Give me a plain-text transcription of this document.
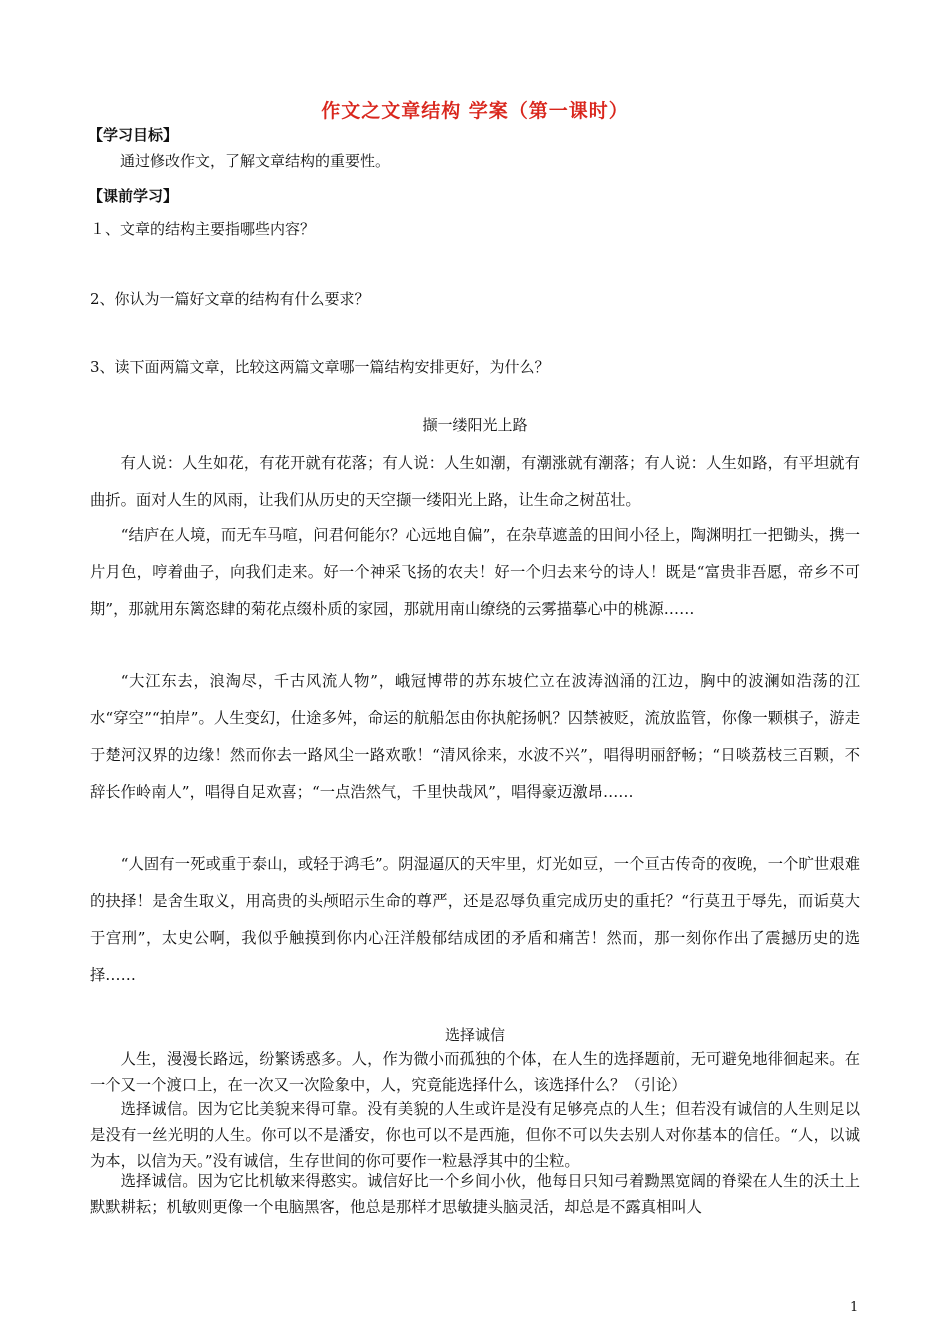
作文之文章结构 学案（第一课时）
【学习目标】
通过修改作文，了解文章结构的重要性。
【课前学习】
１、文章的结构主要指哪些内容？
2、你认为一篇好文章的结构有什么要求？
3、读下面两篇文章，比较这两篇文章哪一篇结构安排更好，为什么？
撷一缕阳光上路
有人说：人生如花，有花开就有花落；有人说：人生如潮，有潮涨就有潮落；有人说：人生如路，有平坦就有曲折。面对人生的风雨，让我们从历史的天空撷一缕阳光上路，让生命之树茁壮。
“结庐在人境，而无车马喧，问君何能尔？心远地自偏”，在杂草遮盖的田间小径上，陶渊明扛一把锄头，携一片月色，哼着曲子，向我们走来。好一个神采飞扬的农夫！好一个归去来兮的诗人！既是“富贵非吾愿，帝乡不可期”，那就用东篱恣肆的菊花点缀朴质的家园，那就用南山缭绕的云雾描摹心中的桃源……
“大江东去，浪淘尽，千古风流人物”，峨冠博带的苏东坡伫立在波涛汹涌的江边，胸中的波澜如浩荡的江水“穿空”“拍岸”。人生变幻，仕途多舛，命运的航船怎由你执舵扬帆？囚禁被贬，流放监管，你像一颗棋子，游走于楚河汉界的边缘！然而你去一路风尘一路欢歌！“清风徐来，水波不兴”，唱得明丽舒畅；“日啖荔枝三百颗，不辞长作岭南人”，唱得自足欢喜；“一点浩然气，千里快哉风”，唱得豪迈激昂……
“人固有一死或重于泰山，或轻于鸿毛”。阴湿逼仄的天牢里，灯光如豆，一个亘古传奇的夜晚，一个旷世艰难的抉择！是舍生取义，用高贵的头颅昭示生命的尊严，还是忍辱负重完成历史的重托？“行莫丑于辱先，而诟莫大于宫刑”，太史公啊，我似乎触摸到你内心汪洋般郁结成团的矛盾和痛苦！然而，那一刻你作出了震撼历史的选择……
选择诚信
人生，漫漫长路远，纷繁诱惑多。人，作为微小而孤独的个体，在人生的选择题前，无可避免地徘徊起来。在一个又一个渡口上，在一次又一次险象中，人，究竟能选择什么，该选择什么？（引论）
选择诚信。因为它比美貌来得可靠。没有美貌的人生或许是没有足够亮点的人生；但若没有诚信的人生则足以是没有一丝光明的人生。你可以不是潘安，你也可以不是西施，但你不可以失去别人对你基本的信任。“人，以诚为本，以信为天。”没有诚信，生存世间的你可要作一粒悬浮其中的尘粒。
选择诚信。因为它比机敏来得憨实。诚信好比一个乡间小伙，他每日只知弓着黝黑宽阔的脊梁在人生的沃土上默默耕耘；机敏则更像一个电脑黑客，他总是那样才思敏捷头脑灵活，却总是不露真相叫人
1
